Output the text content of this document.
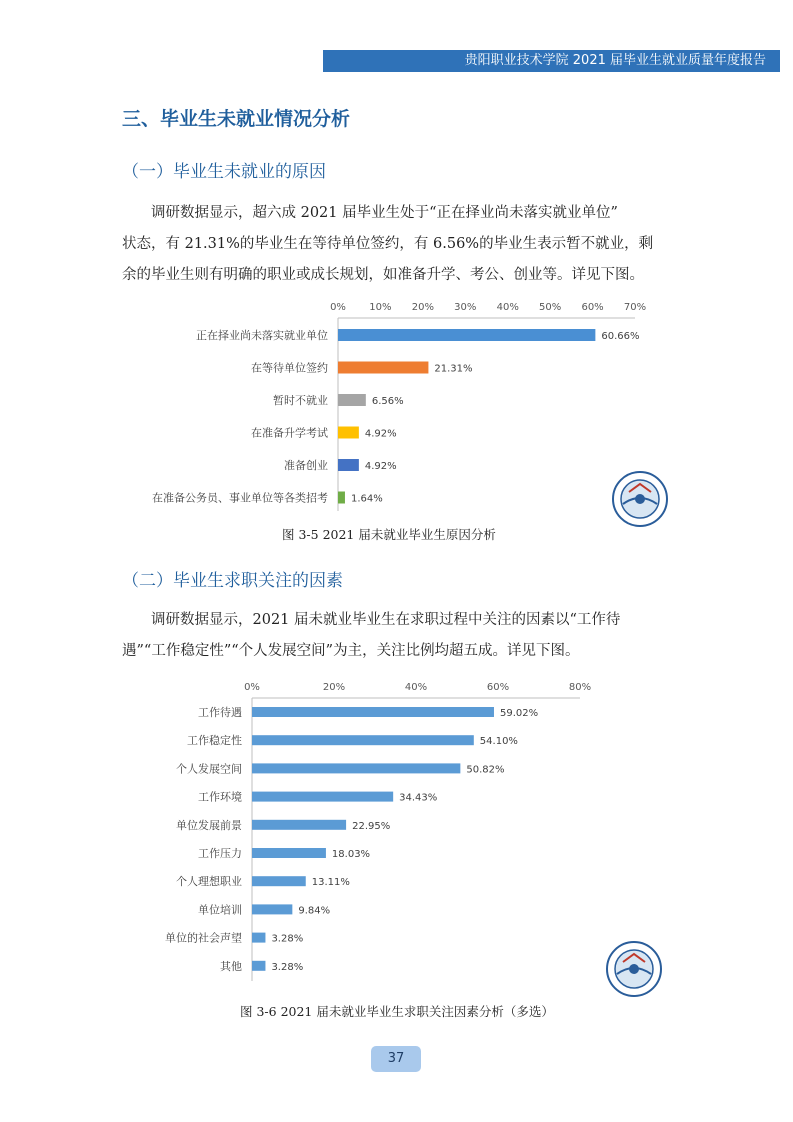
贵阳职业技术学院 2021 届毕业生就业质量年度报告
三、毕业生未就业情况分析
（一）毕业生未就业的原因
调研数据显示，超六成 2021 届毕业生处于“正在择业尚未落实就业单位”
状态，有 21.31%的毕业生在等待单位签约，有 6.56%的毕业生表示暂不就业，剩
余的毕业生则有明确的职业或成长规划，如准备升学、考公、创业等。详见下图。
0% 10% 20% 30% 40% 50% 60% 70%
正在择业尚未落实就业单位	60.66%
在等待单位签约	21.31%
暂时不就业	6.56%
在准备升学考试	4.92%
准备创业	4.92%
在准备公务员、事业单位等各类招考 1.64%
图 3-5 2021 届未就业毕业生原因分析
（二）毕业生求职关注的因素
调研数据显示，2021 届未就业毕业生在求职过程中关注的因素以“工作待
遇”“工作稳定性”“个人发展空间”为主，关注比例均超五成。详见下图。
0%	20%	40%	60%	80%
工作待遇	59.02%
工作稳定性	54.10%
个人发展空间	50.82%
工作环境	34.43%
单位发展前景	22.95%
工作压力	18.03%
个人理想职业	13.11%
单位培训	9.84%
单位的社会声望	3.28%
其他	3.28%
图 3-6 2021 届未就业毕业生求职关注因素分析（多选）
37
